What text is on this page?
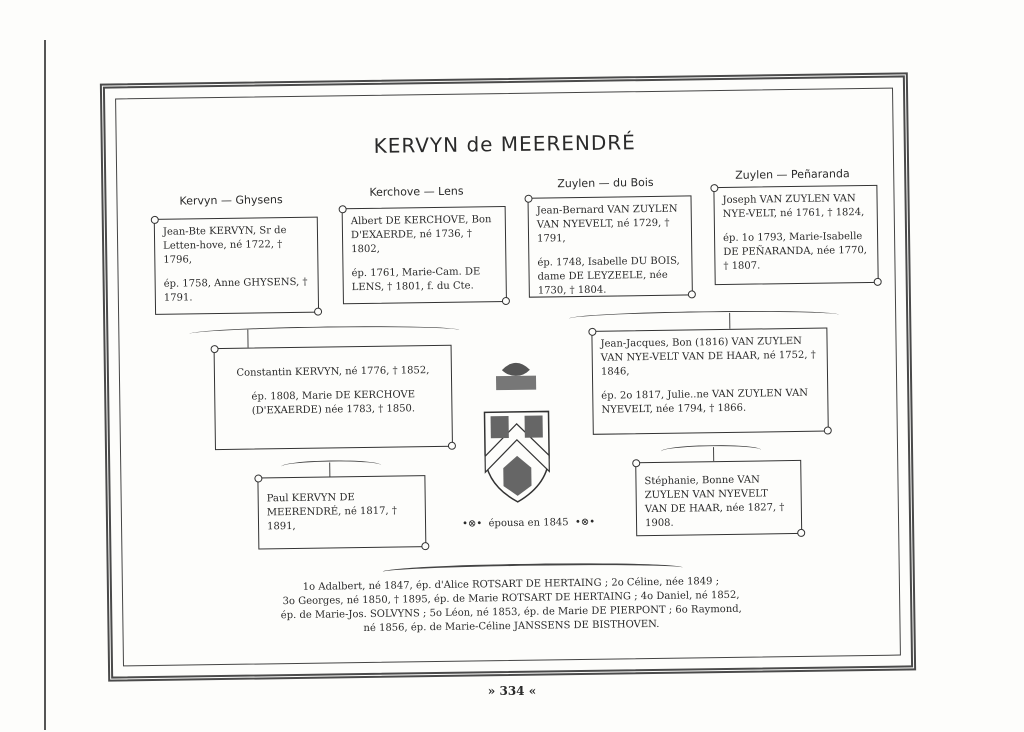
KERVYN de MEERENDRÉ
Kervyn — Ghysens
Kerchove — Lens
Zuylen — du Bois
Zuylen — Peñaranda

Jean-Bte KERVYN, Sr de Letten-hove, né 1722, † 1796,

ép. 1758, Anne GHYSENS, † 1791.

Albert DE KERCHOVE, Bon D'EXAERDE, né 1736, † 1802,

ép. 1761, Marie-Cam. DE LENS, † 1801, f. du Cte.

Jean-Bernard VAN ZUYLEN VAN NYEVELT, né 1729, † 1791,

ép. 1748, Isabelle DU BOIS, dame DE LEYZEELE, née 1730, † 1804.

Joseph VAN ZUYLEN VAN NYE-VELT, né 1761, † 1824,

ép. 1o 1793, Marie-Isabelle DE PEÑARANDA, née 1770, † 1807.

Constantin KERVYN, né 1776, † 1852,

ép. 1808, Marie DE KERCHOVE (D'EXAERDE) née 1783, † 1850.

Jean-Jacques, Bon (1816) VAN ZUYLEN VAN NYE-VELT VAN DE HAAR, né 1752, † 1846,

ép. 2o 1817, Julie..ne VAN ZUYLEN VAN NYEVELT, née 1794, † 1866.

Paul KERVYN DE MEERENDRÉ, né 1817, † 1891,

Stéphanie, Bonne VAN ZUYLEN VAN NYEVELT VAN DE HAAR, née 1827, † 1908.

•⊗•  épousa en 1845  •⊗•
1o Adalbert, né 1847, ép. d'Alice ROTSART DE HERTAING ; 2o Céline, née 1849 ;
3o Georges, né 1850, † 1895, ép. de Marie ROTSART DE HERTAING ; 4o Daniel, né 1852,
ép. de Marie-Jos. SOLVYNS ; 5o Léon, né 1853, ép. de Marie DE PIERPONT ; 6o Raymond,
né 1856, ép. de Marie-Céline JANSSENS DE BISTHOVEN.
» 334 «
